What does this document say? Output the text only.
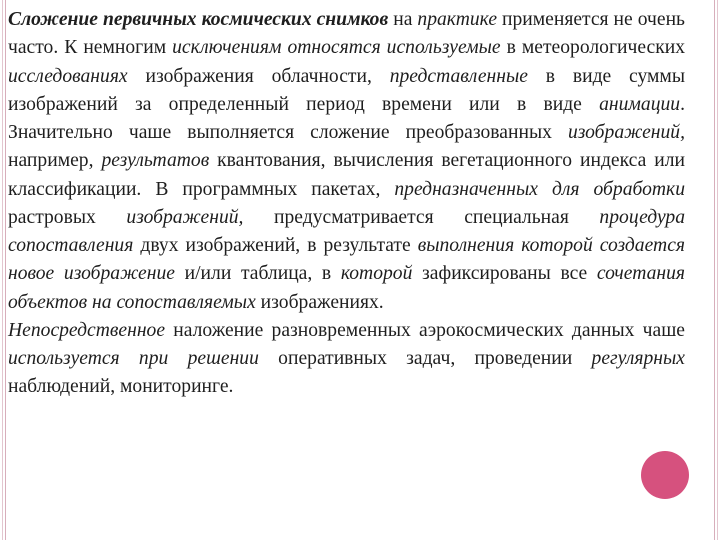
Сложение первичных космических снимков на практике применяется не очень часто. К немногим исключениям относятся используемые в метеорологических исследованиях изображения облачности, представленные в виде суммы изображений за определенный период времени или в виде анимации. Значительно чаше выполняется сложение преобразованных изображений, например, результатов квантования, вычисления вегетационного индекса или классификации. В программных пакетах, предназначенных для обработки растровых изображений, предусматривается специальная процедура сопоставления двух изображений, в результате выполнения которой создается новое изображение и/или таблица, в которой зафиксированы все сочетания объектов на сопоставляемых изображениях.

Непосредственное наложение разновременных аэрокосмических данных чаше используется при решении оперативных задач, проведении регулярных наблюдений, мониторинге.
